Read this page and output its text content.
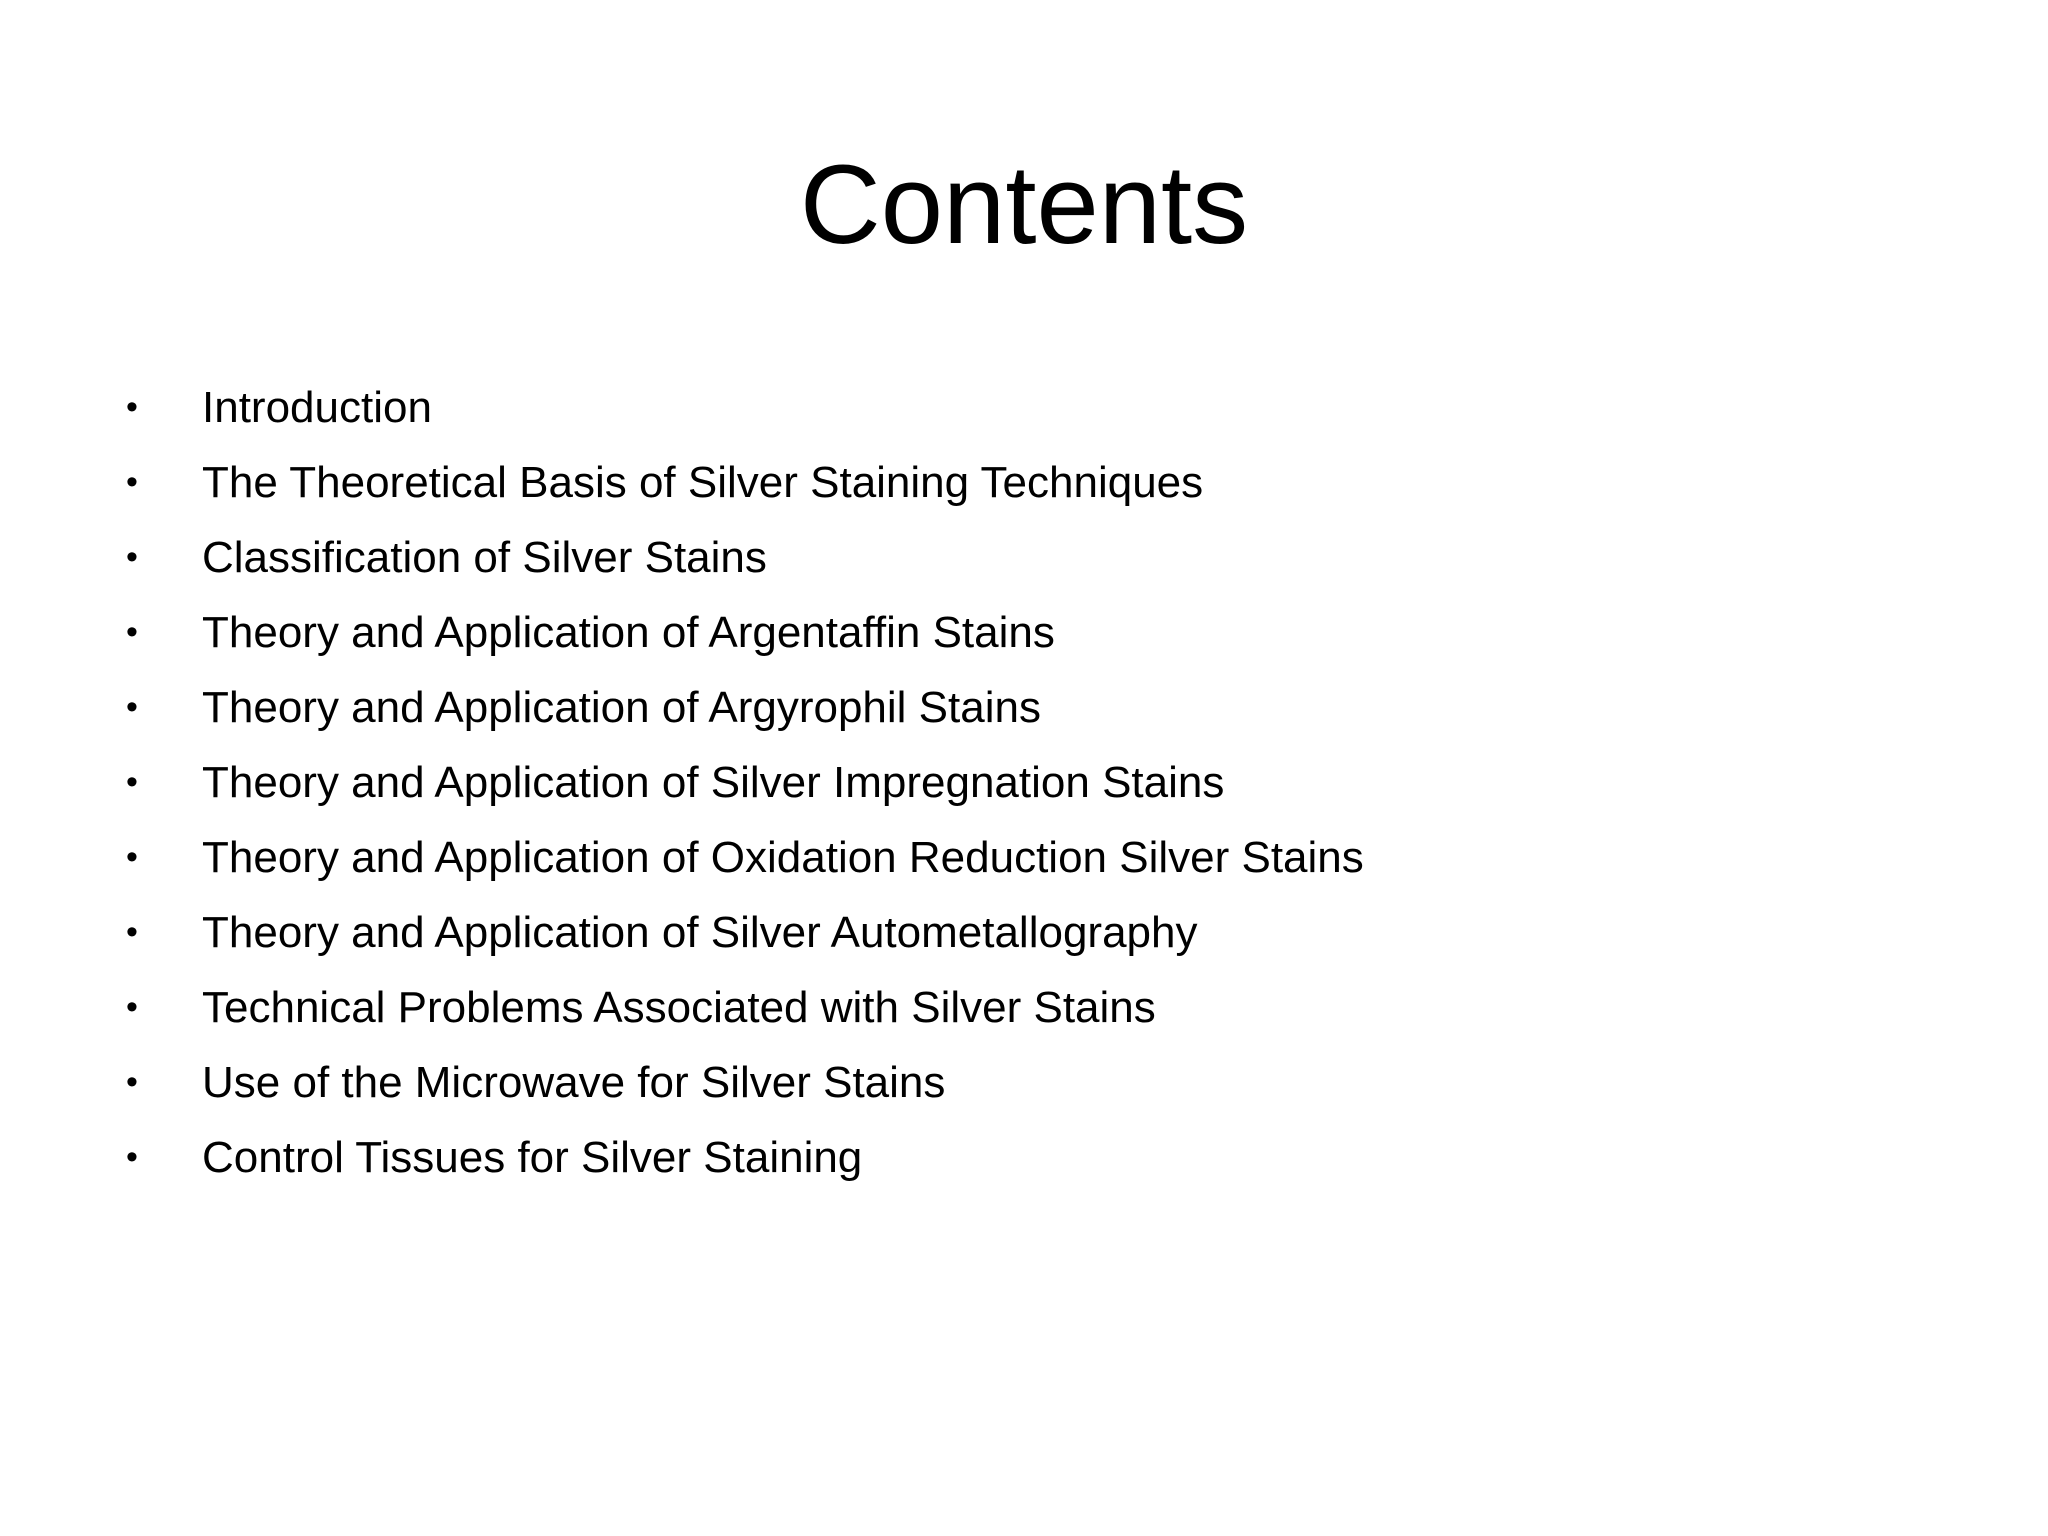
Contents
•	Introduction
•	The Theoretical Basis of Silver Staining Techniques
•	Classification of Silver Stains
•	Theory and Application of Argentaffin Stains
•	Theory and Application of Argyrophil Stains
•	Theory and Application of Silver Impregnation Stains
•	Theory and Application of Oxidation Reduction Silver Stains
•	Theory and Application of Silver Autometallography
•	Technical Problems Associated with Silver Stains
•	Use of the Microwave for Silver Stains
•	Control Tissues for Silver Staining
